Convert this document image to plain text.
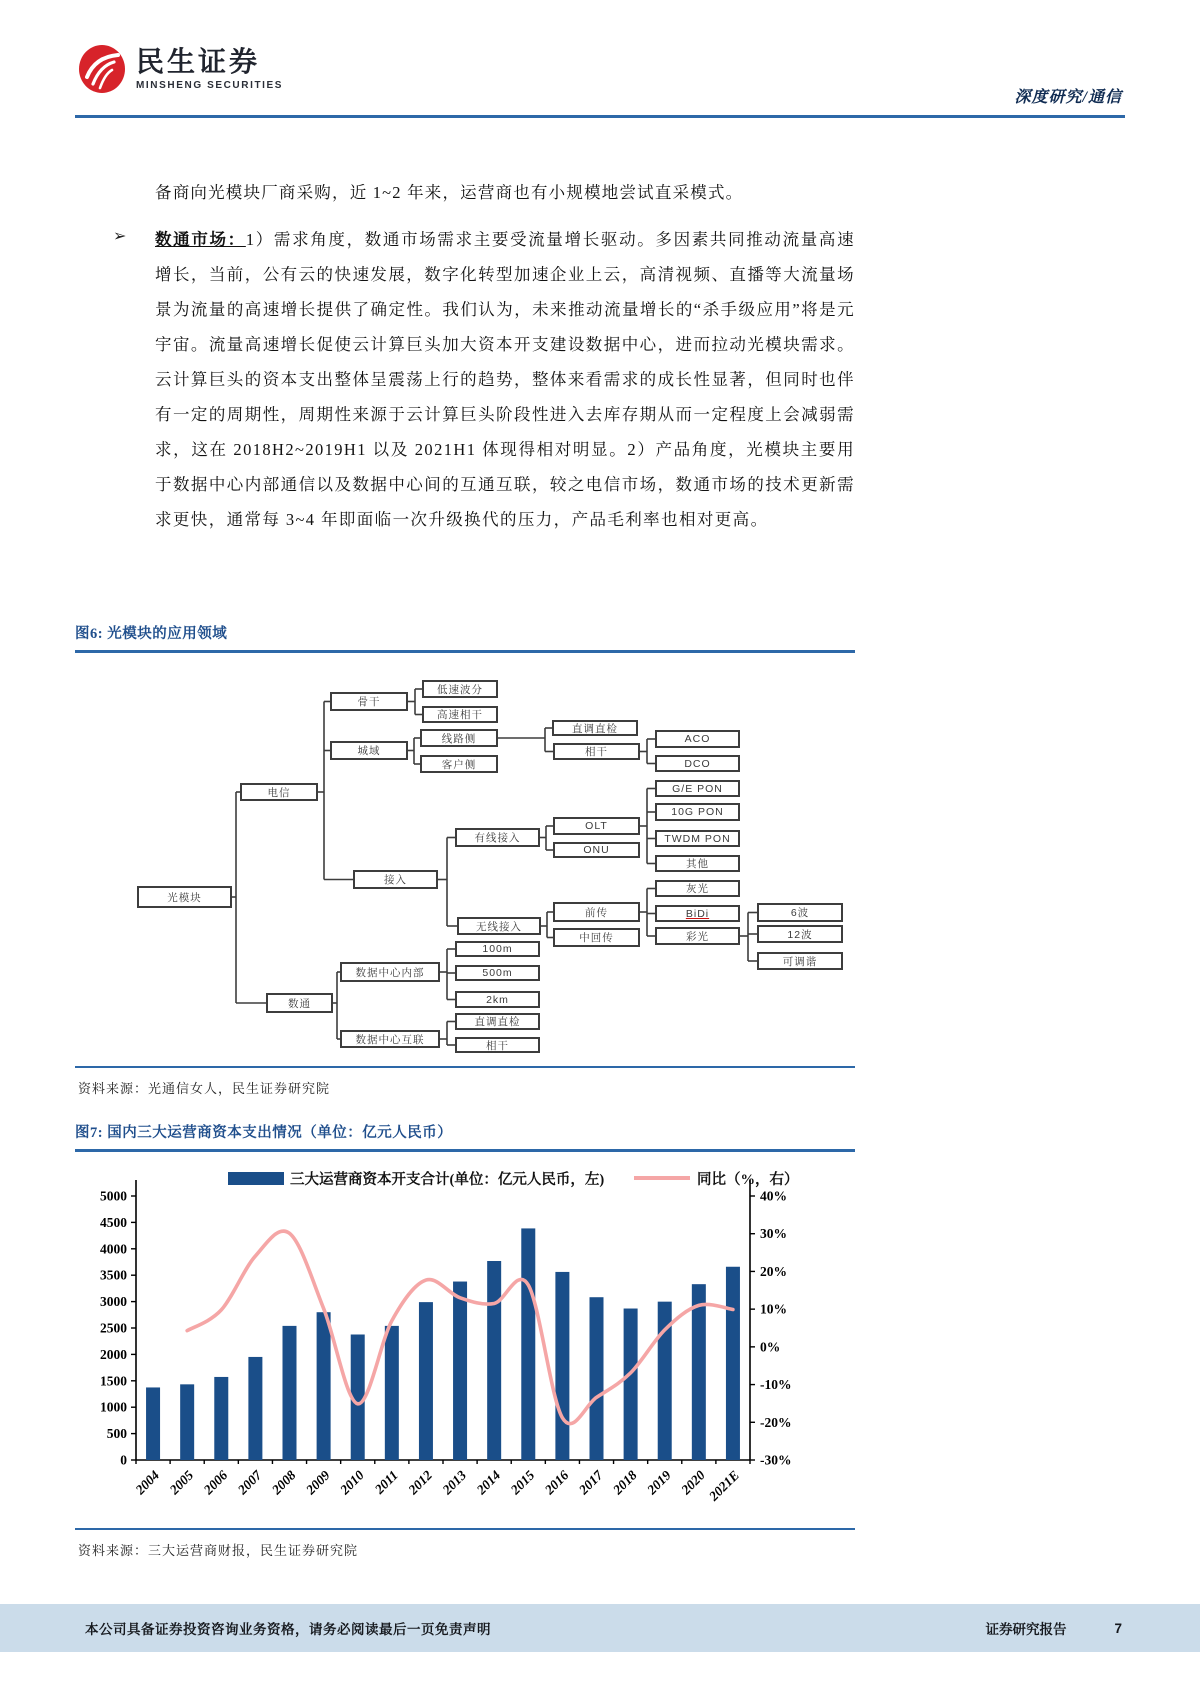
民生证券
MINSHENG SECURITIES
深度研究/通信
备商向光模块厂商采购，近 1~2 年来，运营商也有小规模地尝试直采模式。
➢ 数通市场：1）需求角度，数通市场需求主要受流量增长驱动。多因素共同推动流量高速增长，当前，公有云的快速发展，数字化转型加速企业上云，高清视频、直播等大流量场景为流量的高速增长提供了确定性。我们认为，未来推动流量增长的“杀手级应用”将是元宇宙。流量高速增长促使云计算巨头加大资本开支建设数据中心，进而拉动光模块需求。云计算巨头的资本支出整体呈震荡上行的趋势，整体来看需求的成长性显著，但同时也伴有一定的周期性，周期性来源于云计算巨头阶段性进入去库存期从而一定程度上会减弱需求，这在 2018H2~2019H1 以及 2021H1 体现得相对明显。2）产品角度，光模块主要用于数据中心内部通信以及数据中心间的互通互联，较之电信市场，数通市场的技术更新需求更快，通常每 3~4 年即面临一次升级换代的压力，产品毛利率也相对更高。
图6: 光模块的应用领域
光模块
电信
数通
骨干
城域
接入
数据中心内部
数据中心互联
低速波分
高速相干
线路侧
客户侧
有线接入
无线接入
100m
500m
2km
直调直检
相干
直调直检
相干
OLT
ONU
前传
中回传
ACO
DCO
G/E PON
10G PON
TWDM PON
其他
灰光
BiDi
彩光
6波
12波
可调谐
资料来源：光通信女人，民生证券研究院
图7: 国内三大运营商资本支出情况（单位：亿元人民币）
三大运营商资本开支合计(单位：亿元人民币，左)	同比（%，右）
0
500
1000
1500
2000
2500
3000
3500
4000
4500
5000
-30%
-20%
-10%
0%
10%
20%
30%
40%
2004 2005 2006 2007 2008 2009 2010 2011 2012 2013 2014 2015 2016 2017 2018 2019 2020
2021E
资料来源：三大运营商财报，民生证券研究院
本公司具备证券投资咨询业务资格，请务必阅读最后一页免责声明	证券研究报告	7
